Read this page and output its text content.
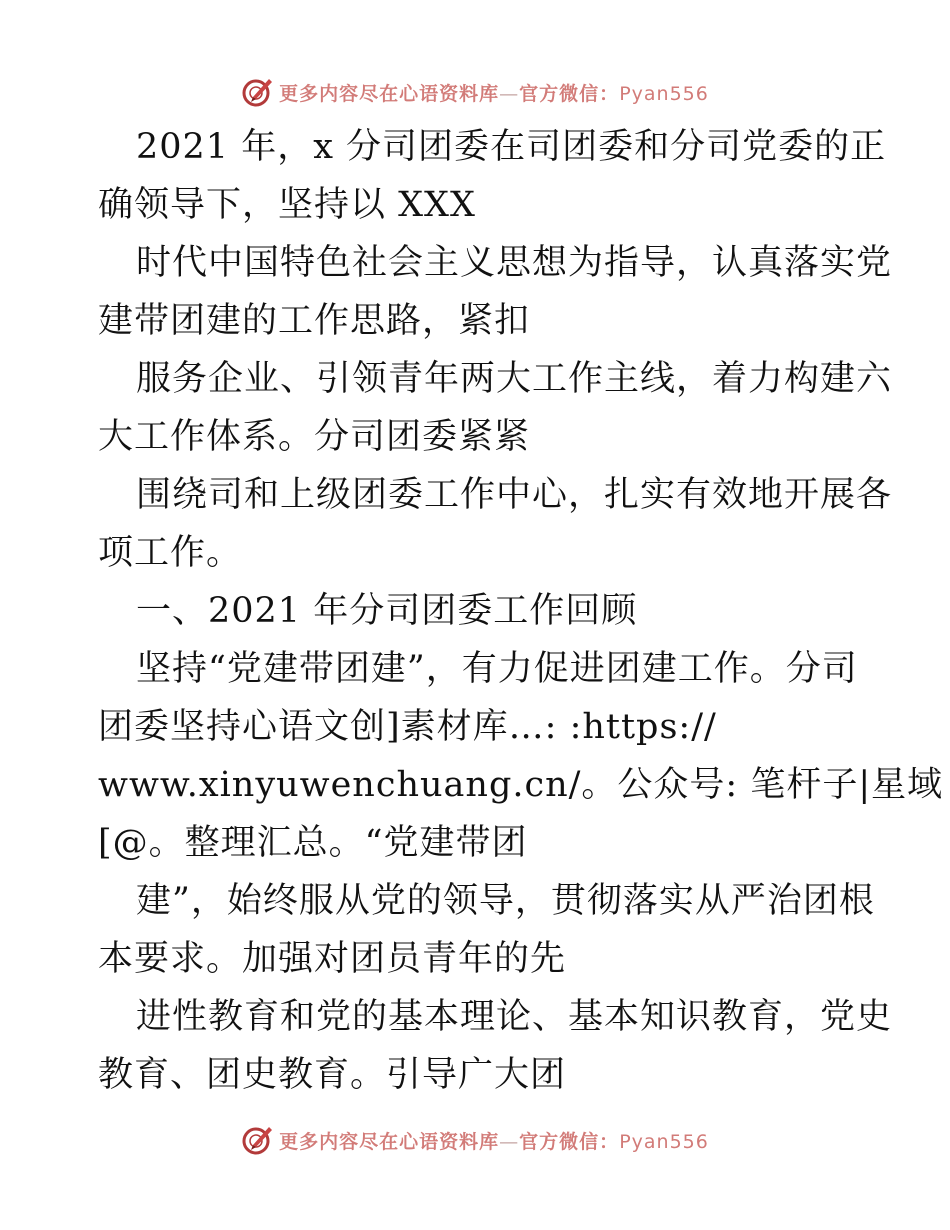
更多内容尽在心语资料库—官方微信：Pyan556
2021 年，x 分司团委在司团委和分司党委的正
确领导下，坚持以 XXX
时代中国特色社会主义思想为指导，认真落实党
建带团建的工作思路，紧扣
服务企业、引领青年两大工作主线，着力构建六
大工作体系。分司团委紧紧
围绕司和上级团委工作中心，扎实有效地开展各
项工作。
一、2021 年分司团委工作回顾
坚持“党建带团建”，有力促进团建工作。分司
团委坚持心语文创]素材库…: :https://
www.xinyuwenchuang.cn/。公众号: 笔杆子|星域
[@。整理汇总。“党建带团
建”，始终服从党的领导，贯彻落实从严治团根
本要求。加强对团员青年的先
进性教育和党的基本理论、基本知识教育，党史
教育、团史教育。引导广大团
更多内容尽在心语资料库—官方微信：Pyan556
